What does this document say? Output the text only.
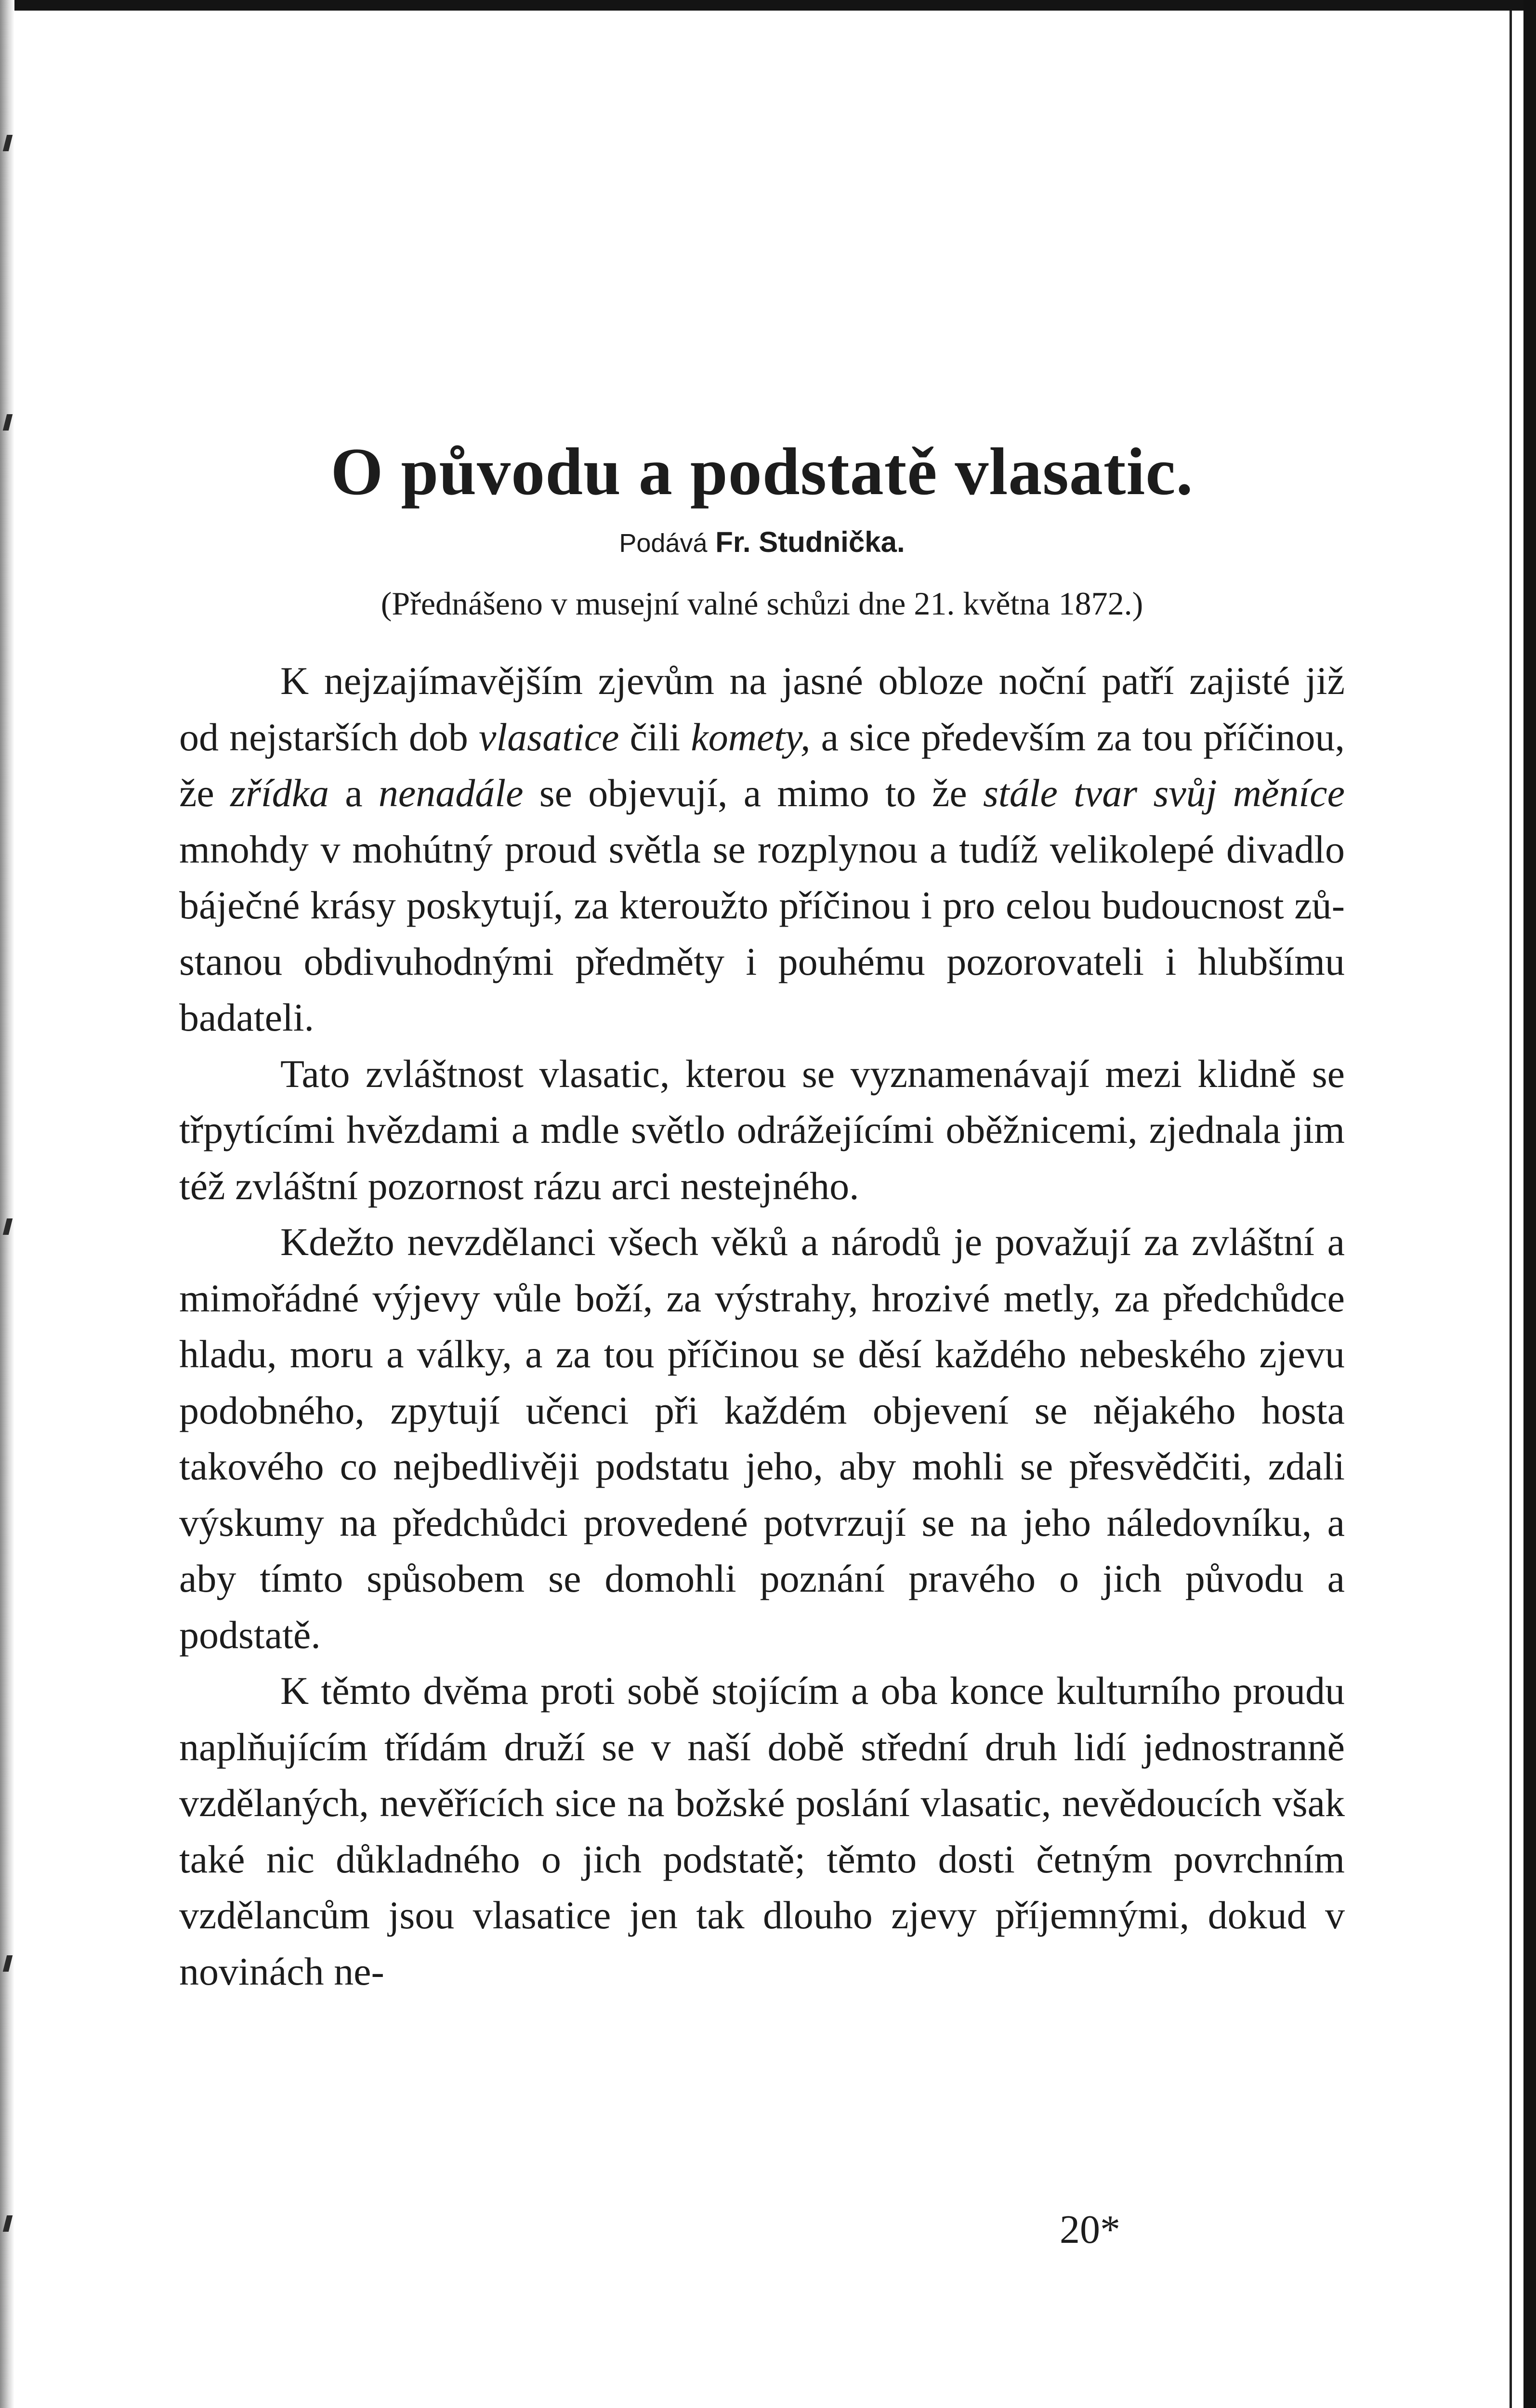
O původu a podstatě vlasatic.
Podává Fr. Studnička.
(Přednášeno v musejní valné schůzi dne 21. května 1872.)

K nejzajímavějším zjevům na jasné obloze noční patří zajisté již od nejstarších dob vlasatice čili komety, a sice především za tou příčinou, že zřídka a nenadále se objevují, a mimo to že stále tvar svůj měníce mnohdy v mohútný proud světla se rozplynou a tudíž velikolepé divadlo báječné krásy poskytují, za kteroužto příčinou i pro celou budoucnost zůstanou obdivuhodnými předměty i pouhému pozorovateli i hlubšímu badateli.

Tato zvláštnost vlasatic, kterou se vyznamenávají mezi klidně se třpytícími hvězdami a mdle světlo odrážejícími oběžnicemi, zjednala jim též zvláštní pozornost rázu arci nestejného.

Kdežto nevzdělanci všech věků a národů je považují za zvláštní a mimořádné výjevy vůle boží, za výstrahy, hrozivé metly, za předchůdce hladu, moru a války, a za tou příčinou se děsí každého nebeského zjevu podobného, zpytují učenci při každém objevení se nějakého hosta takového co nejbedlivěji podstatu jeho, aby mohli se přesvědčiti, zdali výskumy na předchůdci provedené potvrzují se na jeho náledovníku, a aby tímto spůsobem se domohli poznání pravého o jich původu a podstatě.

K těmto dvěma proti sobě stojícím a oba konce kulturního proudu naplňujícím třídám druží se v naší době střední druh lidí jednostranně vzdělaných, nevěřících sice na božské poslání vlasatic, nevědoucích však také nic důkladného o jich podstatě; těmto dosti četným povrchním vzdělancům jsou vlasatice jen tak dlouho zjevy příjemnými, dokud v novinách ne-

20*
